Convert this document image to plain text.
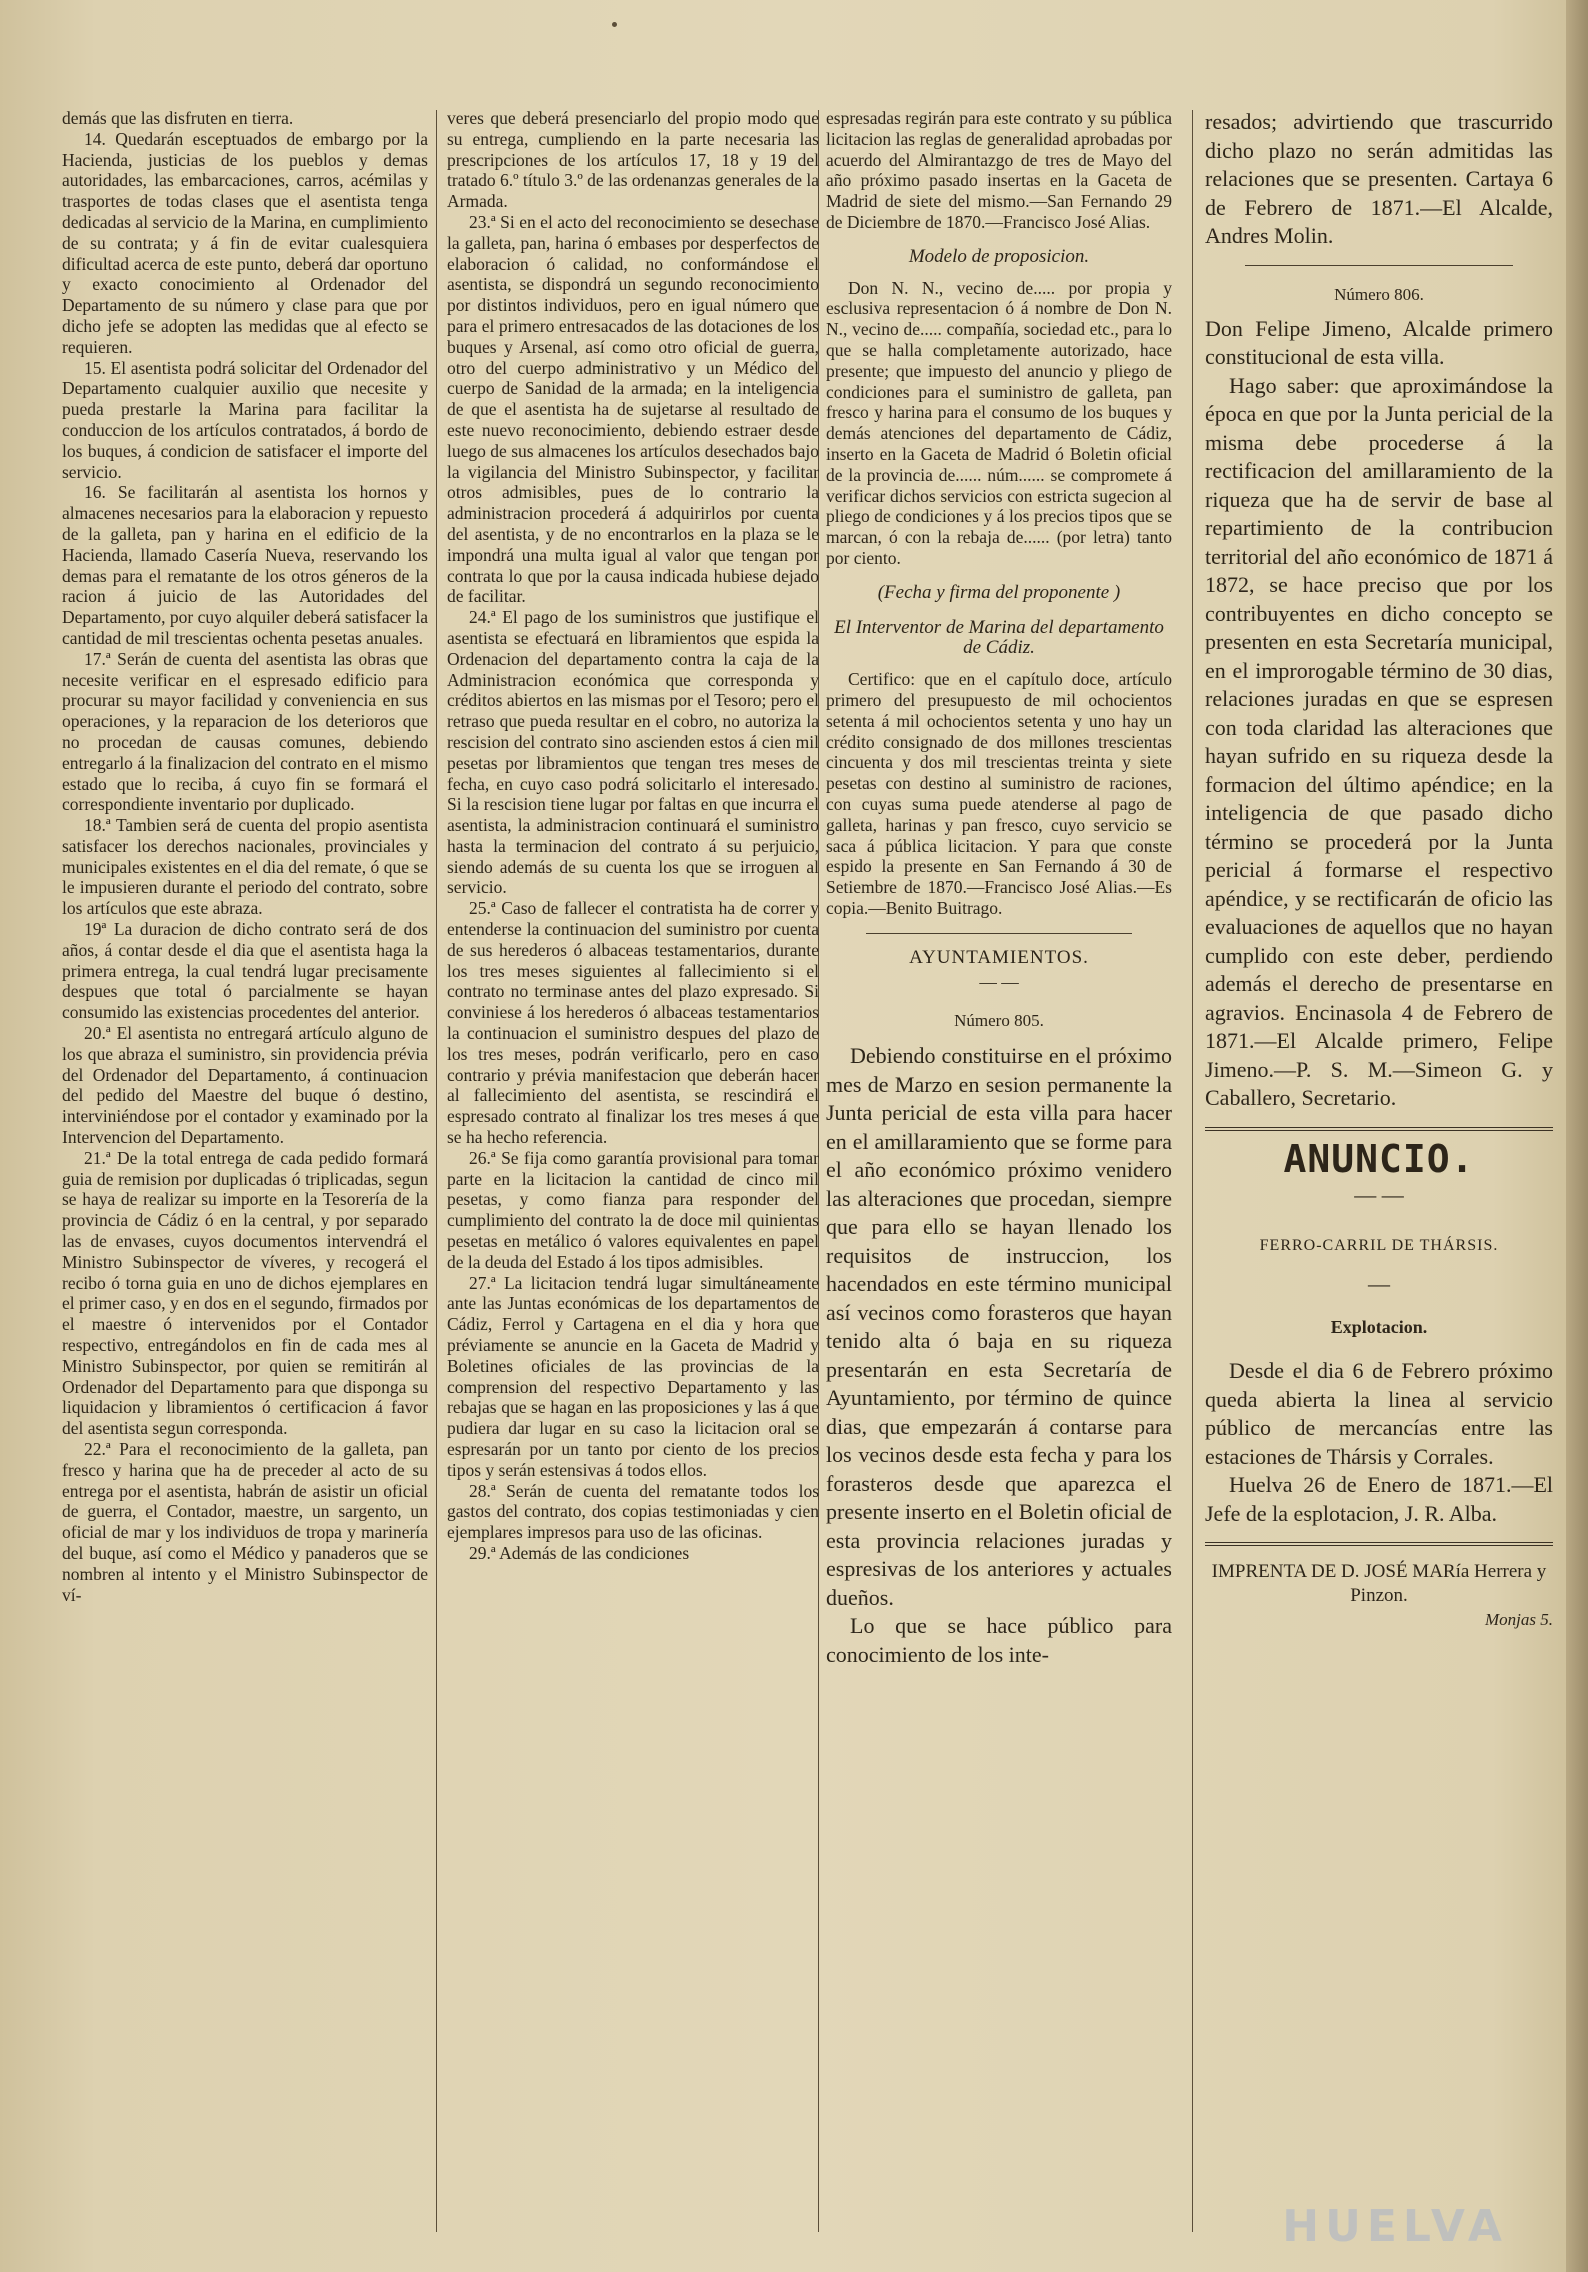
demás que las disfruten en tierra.

14. Quedarán esceptuados de embargo por la Hacienda, justicias de los pueblos y demas autoridades, las embarcaciones, carros, acémilas y trasportes de todas clases que el asentista tenga dedicadas al servicio de la Marina, en cumplimiento de su contrata; y á fin de evitar cualesquiera dificultad acerca de este punto, deberá dar oportuno y exacto conocimiento al Ordenador del Departamento de su número y clase para que por dicho jefe se adopten las medidas que al efecto se requieren.

15. El asentista podrá solicitar del Ordenador del Departamento cualquier auxilio que necesite y pueda prestarle la Marina para facilitar la conduccion de los artículos contratados, á bordo de los buques, á condicion de satisfacer el importe del servicio.

16. Se facilitarán al asentista los hornos y almacenes necesarios para la elaboracion y repuesto de la galleta, pan y harina en el edificio de la Hacienda, llamado Casería Nueva, reservando los demas para el rematante de los otros géneros de la racion á juicio de las Autoridades del Departamento, por cuyo alquiler deberá satisfacer la cantidad de mil trescientas ochenta pesetas anuales.

17.ª Serán de cuenta del asentista las obras que necesite verificar en el espresado edificio para procurar su mayor facilidad y conveniencia en sus operaciones, y la reparacion de los deterioros que no procedan de causas comunes, debiendo entregarlo á la finalizacion del contrato en el mismo estado que lo reciba, á cuyo fin se formará el correspondiente inventario por duplicado.

18.ª Tambien será de cuenta del propio asentista satisfacer los derechos nacionales, provinciales y municipales existentes en el dia del remate, ó que se le impusieren durante el periodo del contrato, sobre los artículos que este abraza.

19ª La duracion de dicho contrato será de dos años, á contar desde el dia que el asentista haga la primera entrega, la cual tendrá lugar precisamente despues que total ó parcialmente se hayan consumido las existencias procedentes del anterior.

20.ª El asentista no entregará artículo alguno de los que abraza el suministro, sin providencia prévia del Ordenador del Departamento, á continuacion del pedido del Maestre del buque ó destino, interviniéndose por el contador y examinado por la Intervencion del Departamento.

21.ª De la total entrega de cada pedido formará guia de remision por duplicadas ó triplicadas, segun se haya de realizar su importe en la Tesorería de la provincia de Cádiz ó en la central, y por separado las de envases, cuyos documentos intervendrá el Ministro Subinspector de víveres, y recogerá el recibo ó torna guia en uno de dichos ejemplares en el primer caso, y en dos en el segundo, firmados por el maestre ó intervenidos por el Contador respectivo, entregándolos en fin de cada mes al Ministro Subinspector, por quien se remitirán al Ordenador del Departamento para que disponga su liquidacion y libramientos ó certificacion á favor del asentista segun corresponda.

22.ª Para el reconocimiento de la galleta, pan fresco y harina que ha de preceder al acto de su entrega por el asentista, habrán de asistir un oficial de guerra, el Contador, maestre, un sargento, un oficial de mar y los individuos de tropa y marinería del buque, así como el Médico y panaderos que se nombren al intento y el Ministro Subinspector de ví-

veres que deberá presenciarlo del propio modo que su entrega, cumpliendo en la parte necesaria las prescripciones de los artículos 17, 18 y 19 del tratado 6.º título 3.º de las ordenanzas generales de la Armada.

23.ª Si en el acto del reconocimiento se desechase la galleta, pan, harina ó embases por desperfectos de elaboracion ó calidad, no conformándose el asentista, se dispondrá un segundo reconocimiento por distintos individuos, pero en igual número que para el primero entresacados de las dotaciones de los buques y Arsenal, así como otro oficial de guerra, otro del cuerpo administrativo y un Médico del cuerpo de Sanidad de la armada; en la inteligencia de que el asentista ha de sujetarse al resultado de este nuevo reconocimiento, debiendo estraer desde luego de sus almacenes los artículos desechados bajo la vigilancia del Ministro Subinspector, y facilitar otros admisibles, pues de lo contrario la administracion procederá á adquirirlos por cuenta del asentista, y de no encontrarlos en la plaza se le impondrá una multa igual al valor que tengan por contrata lo que por la causa indicada hubiese dejado de facilitar.

24.ª El pago de los suministros que justifique el asentista se efectuará en libramientos que espida la Ordenacion del departamento contra la caja de la Administracion económica que corresponda y créditos abiertos en las mismas por el Tesoro; pero el retraso que pueda resultar en el cobro, no autoriza la rescision del contrato sino ascienden estos á cien mil pesetas por libramientos que tengan tres meses de fecha, en cuyo caso podrá solicitarlo el interesado. Si la rescision tiene lugar por faltas en que incurra el asentista, la administracion continuará el suministro hasta la terminacion del contrato á su perjuicio, siendo además de su cuenta los que se irroguen al servicio.

25.ª Caso de fallecer el contratista ha de correr y entenderse la continuacion del suministro por cuenta de sus herederos ó albaceas testamentarios, durante los tres meses siguientes al fallecimiento si el contrato no terminase antes del plazo expresado. Si conviniese á los herederos ó albaceas testamentarios la continuacion el suministro despues del plazo de los tres meses, podrán verificarlo, pero en caso contrario y prévia manifestacion que deberán hacer al fallecimiento del asentista, se rescindirá el espresado contrato al finalizar los tres meses á que se ha hecho referencia.

26.ª Se fija como garantía provisional para tomar parte en la licitacion la cantidad de cinco mil pesetas, y como fianza para responder del cumplimiento del contrato la de doce mil quinientas pesetas en metálico ó valores equivalentes en papel de la deuda del Estado á los tipos admisibles.

27.ª La licitacion tendrá lugar simultáneamente ante las Juntas económicas de los departamentos de Cádiz, Ferrol y Cartagena en el dia y hora que préviamente se anuncie en la Gaceta de Madrid y Boletines oficiales de las provincias de la comprension del respectivo Departamento y las rebajas que se hagan en las proposiciones y las á que pudiera dar lugar en su caso la licitacion oral se espresarán por un tanto por ciento de los precios tipos y serán estensivas á todos ellos.

28.ª Serán de cuenta del rematante todos los gastos del contrato, dos copias testimoniadas y cien ejemplares impresos para uso de las oficinas.

29.ª Además de las condiciones

espresadas regirán para este contrato y su pública licitacion las reglas de generalidad aprobadas por acuerdo del Almirantazgo de tres de Mayo del año próximo pasado insertas en la Gaceta de Madrid de siete del mismo.—San Fernando 29 de Diciembre de 1870.—Francisco José Alias.

Modelo de proposicion.

Don N. N., vecino de..... por propia y esclusiva representacion ó á nombre de Don N. N., vecino de..... compañía, sociedad etc., para lo que se halla completamente autorizado, hace presente; que impuesto del anuncio y pliego de condiciones para el suministro de galleta, pan fresco y harina para el consumo de los buques y demás atenciones del departamento de Cádiz, inserto en la Gaceta de Madrid ó Boletin oficial de la provincia de...... núm...... se compromete á verificar dichos servicios con estricta sugecion al pliego de condiciones y á los precios tipos que se marcan, ó con la rebaja de...... (por letra) tanto por ciento.

(Fecha y firma del proponente )

El Interventor de Marina del departamento de Cádiz.

Certifico: que en el capítulo doce, artículo primero del presupuesto de mil ochocientos setenta á mil ochocientos setenta y uno hay un crédito consignado de dos millones trescientas cincuenta y dos mil trescientas treinta y siete pesetas con destino al suministro de raciones, con cuyas suma puede atenderse al pago de galleta, harinas y pan fresco, cuyo servicio se saca á pública licitacion. Y para que conste espido la presente en San Fernando á 30 de Setiembre de 1870.—Francisco José Alias.—Es copia.—Benito Buitrago.

AYUNTAMIENTOS.

— —

Número 805.

Debiendo constituirse en el próximo mes de Marzo en sesion permanente la Junta pericial de esta villa para hacer en el amillaramiento que se forme para el año económico próximo venidero las alteraciones que procedan, siempre que para ello se hayan llenado los requisitos de instruccion, los hacendados en este término municipal así vecinos como forasteros que hayan tenido alta ó baja en su riqueza presentarán en esta Secretaría de Ayuntamiento, por término de quince dias, que empezarán á contarse para los vecinos desde esta fecha y para los forasteros desde que aparezca el presente inserto en el Boletin oficial de esta provincia relaciones juradas y espresivas de los anteriores y actuales dueños.

Lo que se hace público para conocimiento de los inte-

resados; advirtiendo que trascurrido dicho plazo no serán admitidas las relaciones que se presenten. Cartaya 6 de Febrero de 1871.—El Alcalde, Andres Molin.

Número 806.

Don Felipe Jimeno, Alcalde primero constitucional de esta villa.

Hago saber: que aproximándose la época en que por la Junta pericial de la misma debe procederse á la rectificacion del amillaramiento de la riqueza que ha de servir de base al repartimiento de la contribucion territorial del año económico de 1871 á 1872, se hace preciso que por los contribuyentes en dicho concepto se presenten en esta Secretaría municipal, en el improrogable término de 30 dias, relaciones juradas en que se espresen con toda claridad las alteraciones que hayan sufrido en su riqueza desde la formacion del último apéndice; en la inteligencia de que pasado dicho término se procederá por la Junta pericial á formarse el respectivo apéndice, y se rectificarán de oficio las evaluaciones de aquellos que no hayan cumplido con este deber, perdiendo además el derecho de presentarse en agravios. Encinasola 4 de Febrero de 1871.—El Alcalde primero, Felipe Jimeno.—P. S. M.—Simeon G. y Caballero, Secretario.

ANUNCIO.

— —

FERRO-CARRIL DE THÁRSIS.

—

Explotacion.

Desde el dia 6 de Febrero próximo queda abierta la linea al servicio público de mercancías entre las estaciones de Thársis y Corrales.

Huelva 26 de Enero de 1871.—El Jefe de la esplotacion, J. R. Alba.

IMPRENTA DE D. JOSÉ MARía Herrera y Pinzon.
Monjas 5.
HUELVA
